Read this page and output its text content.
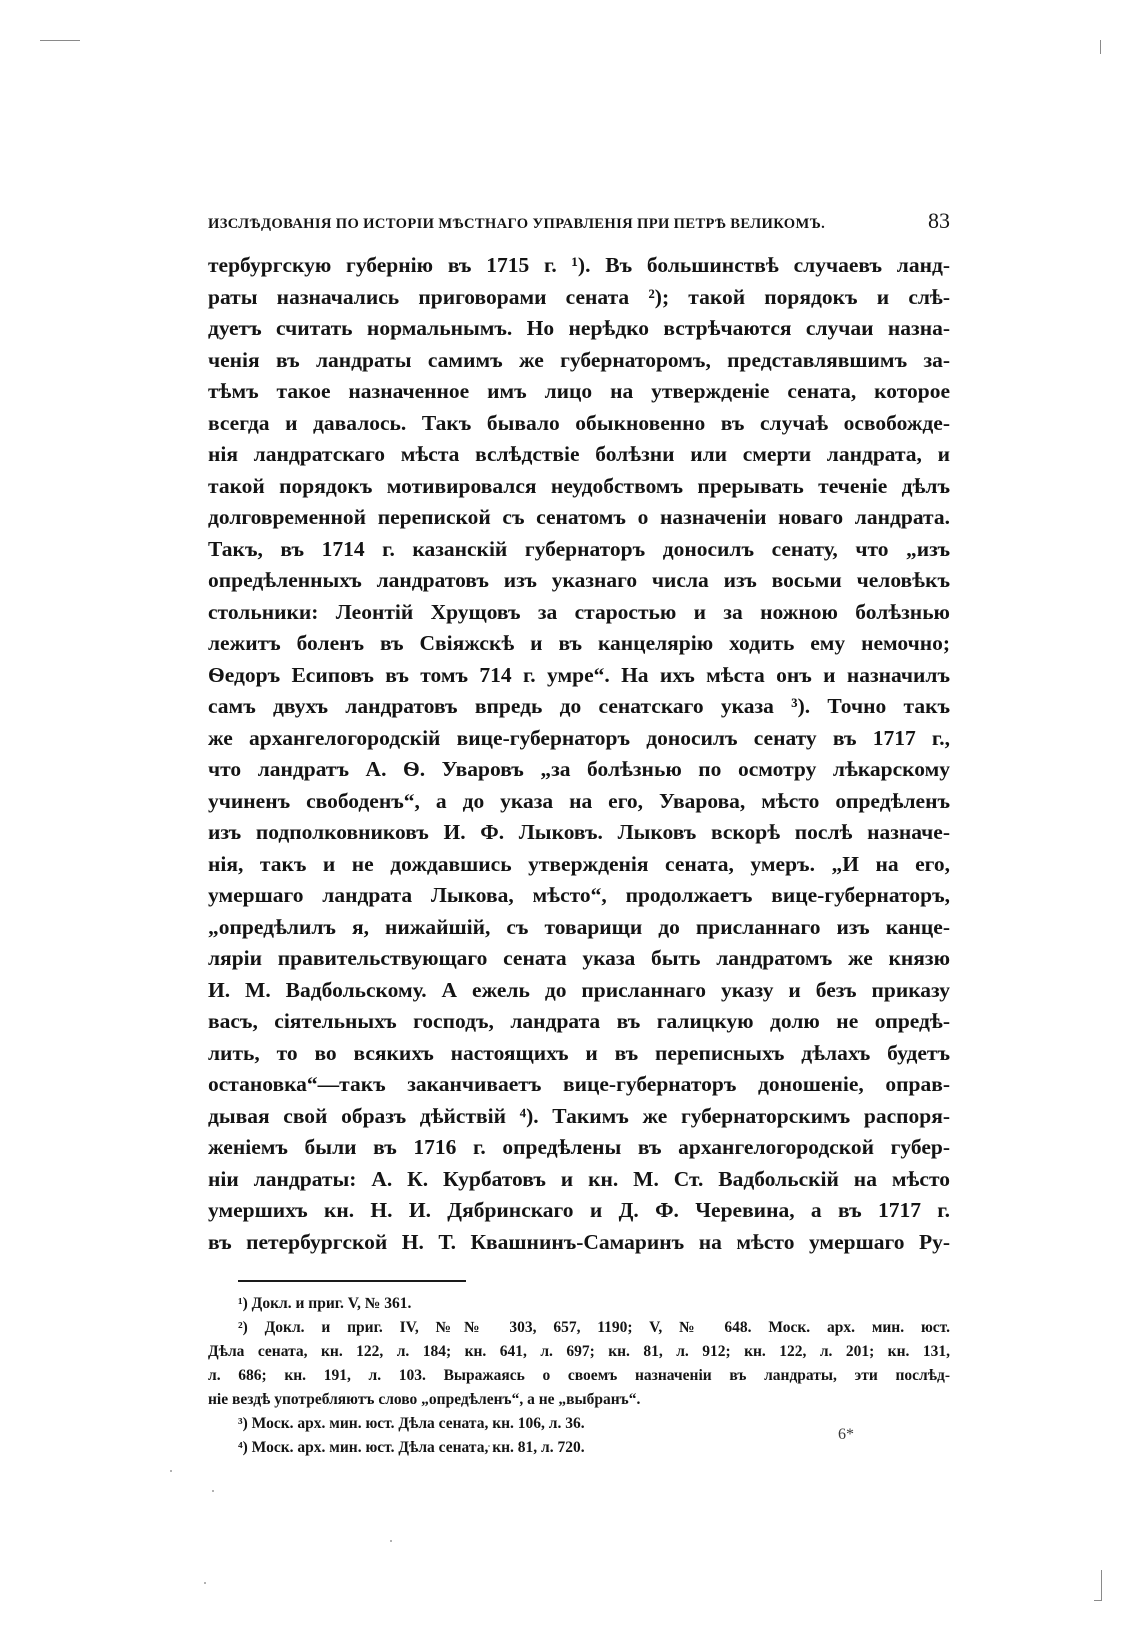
ИЗСЛѢДОВАНІЯ ПО ИСТОРІИ МѢСТНАГО УПРАВЛЕНІЯ ПРИ ПЕТРѢ ВЕЛИКОМЪ.	83
тербургскую губернію въ 1715 г. ¹). Въ большинствѣ случаевъ ланд-
раты назначались приговорами сената ²); такой порядокъ и слѣ-
дуетъ считать нормальнымъ. Но нерѣдко встрѣчаются случаи назна-
ченія въ ландраты самимъ же губернаторомъ, представлявшимъ за-
тѣмъ такое назначенное имъ лицо на утвержденіе сената, которое
всегда и давалось. Такъ бывало обыкновенно въ случаѣ освобожде-
нія ландратскаго мѣста вслѣдствіе болѣзни или смерти ландрата, и
такой порядокъ мотивировался неудобствомъ прерывать теченіе дѣлъ
долговременной перепиской съ сенатомъ о назначеніи новаго ландрата.
Такъ, въ 1714 г. казанскій губернаторъ доносилъ сенату, что „изъ
опредѣленныхъ ландратовъ изъ указнаго числа изъ восьми человѣкъ
стольники: Леонтій Хрущовъ за старостью и за ножною болѣзнью
лежитъ боленъ въ Свіяжскѣ и въ канцелярію ходить ему немочно;
Ѳедоръ Есиповъ въ томъ 714 г. умре“. На ихъ мѣста онъ и назначилъ
самъ двухъ ландратовъ впредь до сенатскаго указа ³). Точно такъ
же архангелогородскій вице-губернаторъ доносилъ сенату въ 1717 г.,
что ландратъ А. Ѳ. Уваровъ „за болѣзнью по осмотру лѣкарскому
учиненъ свободенъ“, а до указа на его, Уварова, мѣсто опредѣленъ
изъ подполковниковъ И. Ф. Лыковъ. Лыковъ вскорѣ послѣ назначе-
нія, такъ и не дождавшись утвержденія сената, умеръ. „И на его,
умершаго ландрата Лыкова, мѣсто“, продолжаетъ вице-губернаторъ,
„опредѣлилъ я, нижайшій, съ товарищи до присланнаго изъ канце-
ляріи правительствующаго сената указа быть ландратомъ же князю
И. М. Вадбольскому. А ежель до присланнаго указу и безъ приказу
васъ, сіятельныхъ господъ, ландрата въ галицкую долю не опредѣ-
лить, то во всякихъ настоящихъ и въ переписныхъ дѣлахъ будетъ
остановка“—такъ заканчиваетъ вице-губернаторъ доношеніе, оправ-
дывая свой образъ дѣйствій ⁴). Такимъ же губернаторскимъ распоря-
женіемъ были въ 1716 г. опредѣлены въ архангелогородской губер-
ніи ландраты: А. К. Курбатовъ и кн. М. Ст. Вадбольскій на мѣсто
умершихъ кн. Н. И. Дябринскаго и Д. Ф. Черевина, а въ 1717 г.
въ петербургской Н. Т. Квашнинъ-Самаринъ на мѣсто умершаго Ру-
¹) Докл. и приг. V, № 361.
²) Докл. и приг. IV, №№ 303, 657, 1190; V, № 648. Моск. арх. мин. юст.
Дѣла сената, кн. 122, л. 184; кн. 641, л. 697; кн. 81, л. 912; кн. 122, л. 201; кн. 131,
л. 686; кн. 191, л. 103. Выражаясь о своемъ назначеніи въ ландраты, эти послѣд-
ніе вездѣ употребляютъ слово „опредѣленъ“, а не „выбранъ“.
³) Моск. арх. мин. юст. Дѣла сената, кн. 106, л. 36.
⁴) Моск. арх. мин. юст. Дѣла сената, кн. 81, л. 720.
6*
